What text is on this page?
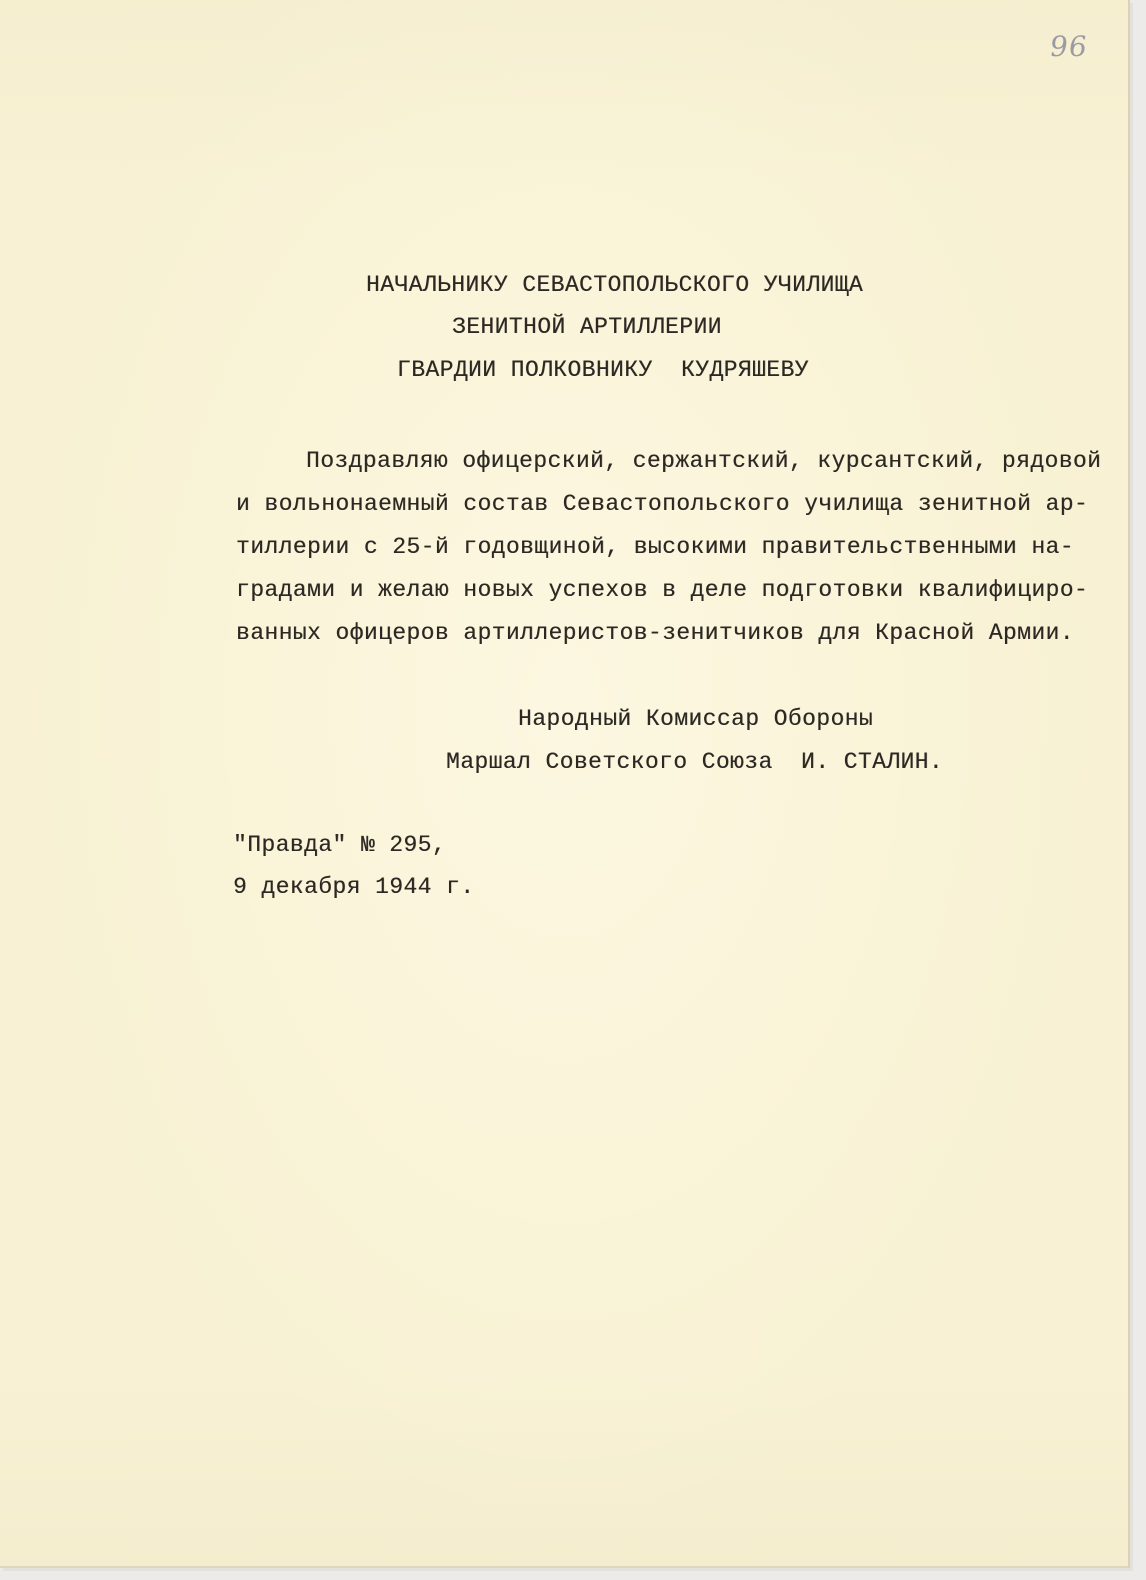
96
НАЧАЛЬНИКУ СЕВАСТОПОЛЬСКОГО УЧИЛИЩА
ЗЕНИТНОЙ АРТИЛЛЕРИИ
ГВАРДИИ ПОЛКОВНИКУ  КУДРЯШЕВУ
Поздравляю офицерский, сержантский, курсантский, рядовой
и вольнонаемный состав Севастопольского училища зенитной ар-
тиллерии с 25-й годовщиной, высокими правительственными на-
градами и желаю новых успехов в деле подготовки квалифициро-
ванных офицеров артиллеристов-зенитчиков для Красной Армии.
Народный Комиссар Обороны
Маршал Советского Союза  И. СТАЛИН.
"Правда" № 295,
9 декабря 1944 г.
